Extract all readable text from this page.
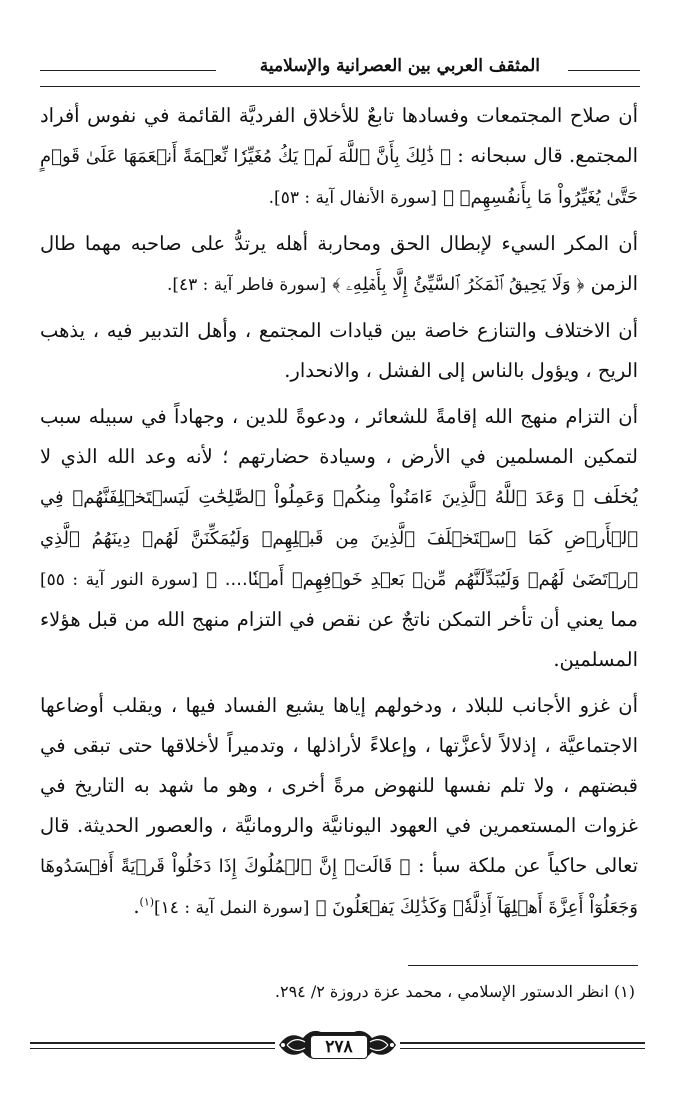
المثقف العربي بين العصرانية والإسلامية

أن صلاح المجتمعات وفسادها تابعٌ للأخلاق الفرديَّة القائمة في نفوس أفراد المجتمع. قال سبحانه : ﴿ ذَٰلِكَ بِأَنَّ ٱللَّهَ لَمۡ يَكُ مُغَيِّرٗا نِّعۡمَةً أَنۡعَمَهَا عَلَىٰ قَوۡمٍ حَتَّىٰ يُغَيِّرُواْ مَا بِأَنفُسِهِمۡ ﴾ [سورة الأنفال آية : ٥٣].

أن المكر السيء لإبطال الحق ومحاربة أهله يرتدُّ على صاحبه مهما طال الزمن ﴿ وَلَا يَحِيقُ ٱلۡمَكۡرُ ٱلسَّيِّئُ إِلَّا بِأَهۡلِهِۦ ﴾ [سورة فاطر آية : ٤٣].

أن الاختلاف والتنازع خاصة بين قيادات المجتمع ، وأهل التدبير فيه ، يذهب الريح ، ويؤول بالناس إلى الفشل ، والانحدار.

أن التزام منهج الله إقامةً للشعائر ، ودعوةً للدين ، وجهاداً في سبيله سبب لتمكين المسلمين في الأرض ، وسيادة حضارتهم ؛ لأنه وعد الله الذي لا يُخلَف ﴿ وَعَدَ ٱللَّهُ ٱلَّذِينَ ءَامَنُواْ مِنكُمۡ وَعَمِلُواْ ٱلصَّٰلِحَٰتِ لَيَسۡتَخۡلِفَنَّهُمۡ فِي ٱلۡأَرۡضِ كَمَا ٱسۡتَخۡلَفَ ٱلَّذِينَ مِن قَبۡلِهِمۡ وَلَيُمَكِّنَنَّ لَهُمۡ دِينَهُمُ ٱلَّذِي ٱرۡتَضَىٰ لَهُمۡ وَلَيُبَدِّلَنَّهُم مِّنۢ بَعۡدِ خَوۡفِهِمۡ أَمۡنٗا.... ﴾ [سورة النور آية : ٥٥] مما يعني أن تأخر التمكن ناتجٌ عن نقص في التزام منهج الله من قبل هؤلاء المسلمين.

أن غزو الأجانب للبلاد ، ودخولهم إياها يشيع الفساد فيها ، ويقلب أوضاعها الاجتماعيَّة ، إذلالاً لأعزَّتها ، وإعلاءً لأراذلها ، وتدميراً لأخلاقها حتى تبقى في قبضتهم ، ولا تلم نفسها للنهوض مرةً أخرى ، وهو ما شهد به التاريخ في غزوات المستعمرين في العهود اليونانيَّة والرومانيَّة ، والعصور الحديثة. قال تعالى حاكياً عن ملكة سبأ : ﴿ قَالَتۡ إِنَّ ٱلۡمُلُوكَ إِذَا دَخَلُواْ قَرۡيَةً أَفۡسَدُوهَا وَجَعَلُوٓاْ أَعِزَّةَ أَهۡلِهَآ أَذِلَّةٗۚ وَكَذَٰلِكَ يَفۡعَلُونَ ﴾ [سورة النمل آية : ١٤]$^{(١)}$.

(١) انظر الدستور الإسلامي ، محمد عزة دروزة ٢/ ٢٩٤.
٢٧٨
